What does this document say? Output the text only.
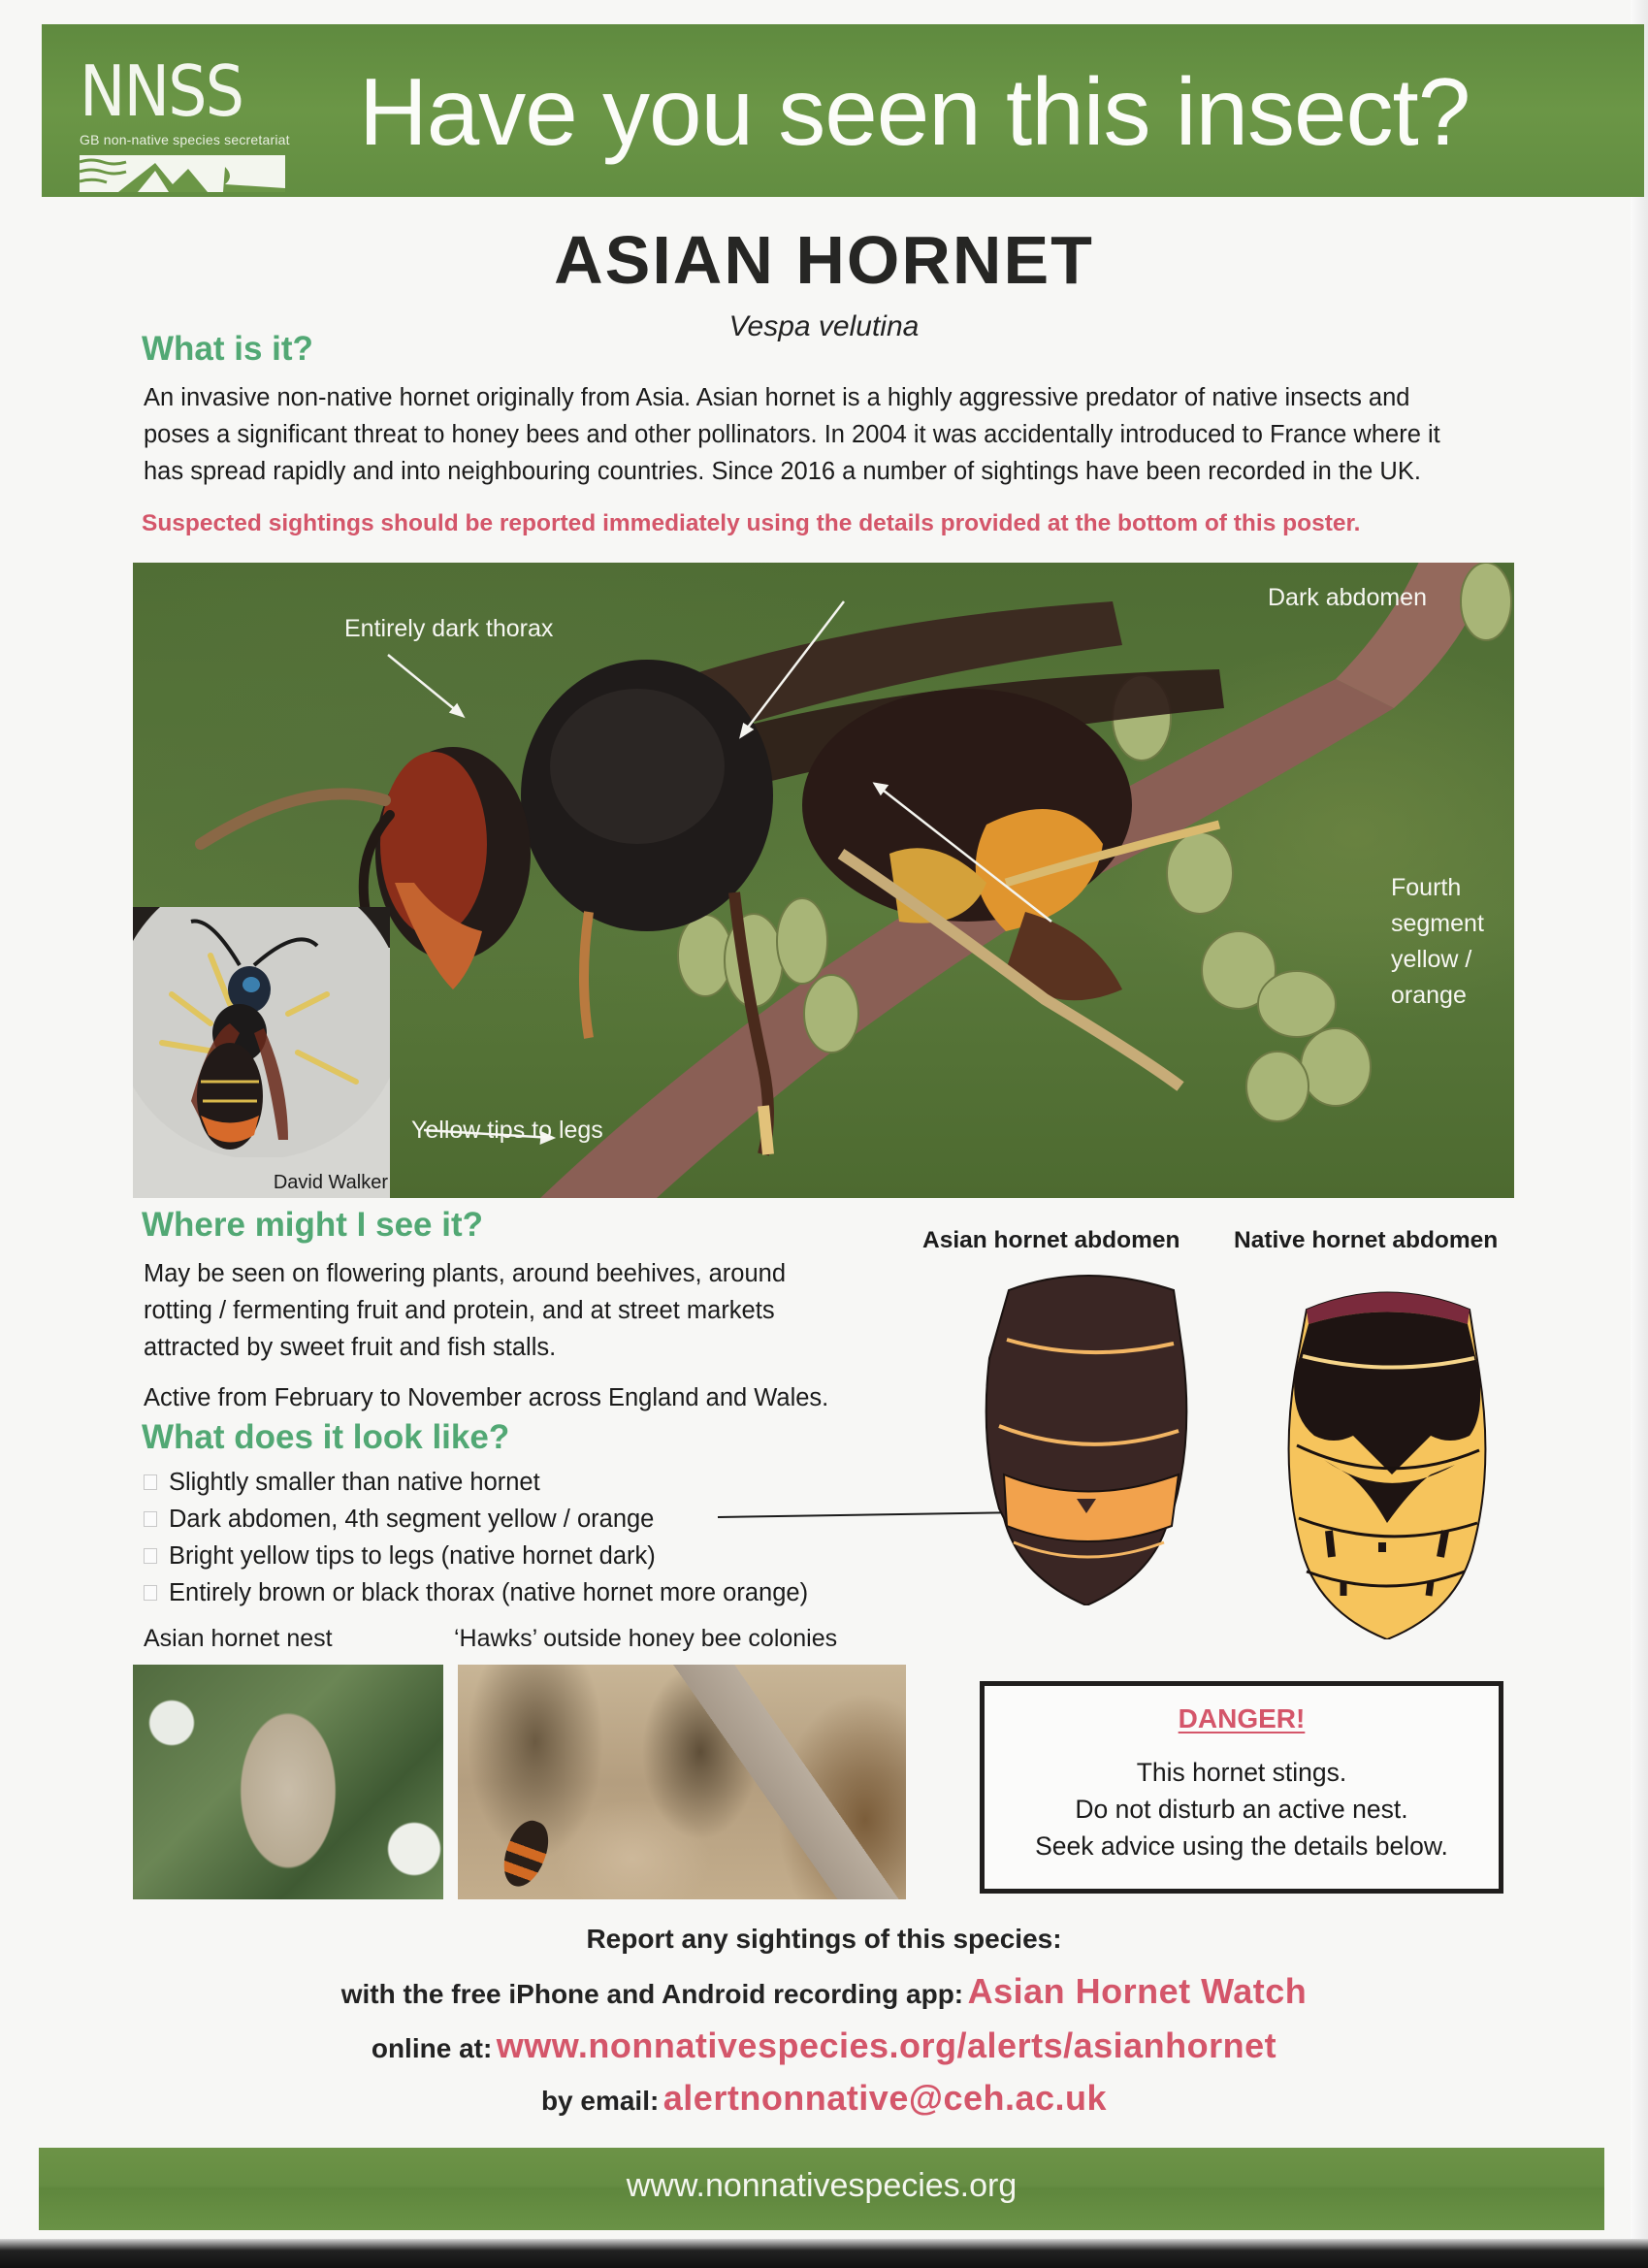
NNSS
GB non-native species secretariat Have you seen this insect?
ASIAN HORNET
Vespa velutina
What is it?
An invasive non-native hornet originally from Asia. Asian hornet is a highly aggressive predator of native insects and
poses a significant threat to honey bees and other pollinators. In 2004 it was accidentally introduced to France where it
has spread rapidly and into neighbouring countries. Since 2016 a number of sightings have been recorded in the UK.
Suspected sightings should be reported immediately using the details provided at the bottom of this poster.
Entirely dark thorax
Dark abdomen
Fourth
segment
yellow /
orange
Yellow tips to legs
David Walker
Where might I see it?
May be seen on flowering plants, around beehives, around
rotting / fermenting fruit and protein, and at street markets
attracted by sweet fruit and fish stalls.
Active from February to November across England and Wales.
What does it look like?
Slightly smaller than native hornet
Dark abdomen, 4th segment yellow / orange
Bright yellow tips to legs (native hornet dark)
Entirely brown or black thorax (native hornet more orange)
Asian hornet abdomen Native hornet abdomen
Asian hornet nest	‘Hawks’ outside honey bee colonies
DANGER!
This hornet stings.
Do not disturb an active nest.
Seek advice using the details below.
Report any sightings of this species:
with the free iPhone and Android recording app: Asian Hornet Watch
online at: www.nonnativespecies.org/alerts/asianhornet
by email: alertnonnative@ceh.ac.uk
www.nonnativespecies.org
